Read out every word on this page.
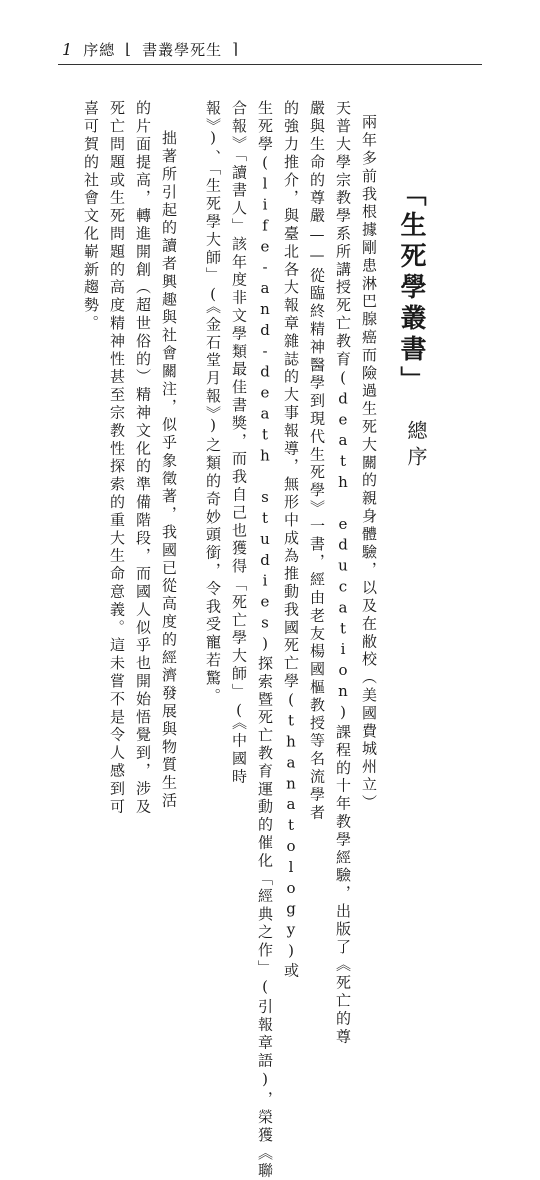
1 序總 ⌊ 書叢學死生 ⌉
「生死學叢書」
總序
兩年多前我根據剛患淋巴腺癌而險過生死大關的親身體驗，以及在敝校（美國費城州立）
天普大學宗教學系所講授死亡教育(death education)課程的十年教學經驗，出版了《死亡的尊
嚴與生命的尊嚴——從臨終精神醫學到現代生死學》一書，經由老友楊國樞教授等名流學者
的強力推介，與臺北各大報章雜誌的大事報導，無形中成為推動我國死亡學(thanatology)或
生死學(life-and-death studies)探索暨死亡教育運動的催化「經典之作」(引報章語)，榮獲《聯
合報》「讀書人」該年度非文學類最佳書獎，而我自己也獲得「死亡學大師」(《中國時
報》)、「生死學大師」(《金石堂月報》)之類的奇妙頭銜，令我受寵若驚。
拙著所引起的讀者興趣與社會關注，似乎象徵著，我國已從高度的經濟發展與物質生活
的片面提高，轉進開創（超世俗的）精神文化的準備階段，而國人似乎也開始悟覺到，涉及
死亡問題或生死問題的高度精神性甚至宗教性探索的重大生命意義。這未嘗不是令人感到可
喜可賀的社會文化嶄新趨勢。
